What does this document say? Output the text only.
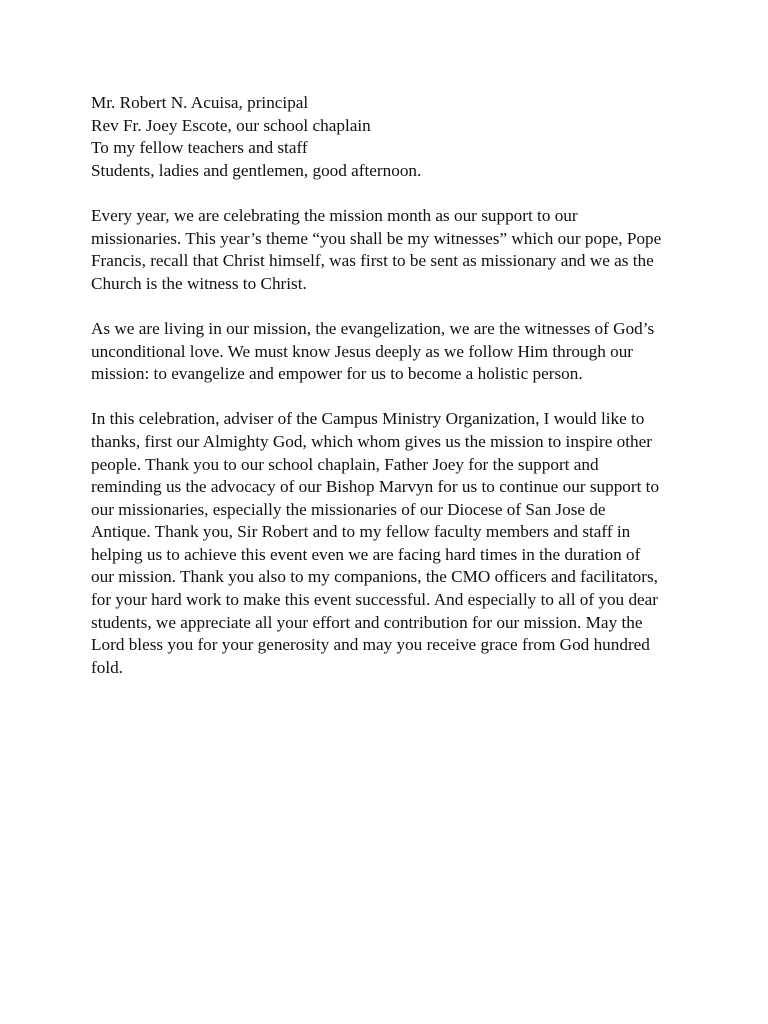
Mr. Robert N. Acuisa, principal
Rev Fr. Joey Escote, our school chaplain
To my fellow teachers and staff
Students, ladies and gentlemen, good afternoon.
Every year, we are celebrating the mission month as our support to our
missionaries. This year’s theme “you shall be my witnesses” which our pope, Pope
Francis, recall that Christ himself, was first to be sent as missionary and we as the
Church is the witness to Christ.
As we are living in our mission, the evangelization, we are the witnesses of God’s
unconditional love. We must know Jesus deeply as we follow Him through our
mission: to evangelize and empower for us to become a holistic person.
In this celebration, adviser of the Campus Ministry Organization, I would like to
thanks, first our Almighty God, which whom gives us the mission to inspire other
people. Thank you to our school chaplain, Father Joey for the support and
reminding us the advocacy of our Bishop Marvyn for us to continue our support to
our missionaries, especially the missionaries of our Diocese of San Jose de
Antique. Thank you, Sir Robert and to my fellow faculty members and staff in
helping us to achieve this event even we are facing hard times in the duration of
our mission. Thank you also to my companions, the CMO officers and facilitators,
for your hard work to make this event successful. And especially to all of you dear
students, we appreciate all your effort and contribution for our mission. May the
Lord bless you for your generosity and may you receive grace from God hundred
fold.
